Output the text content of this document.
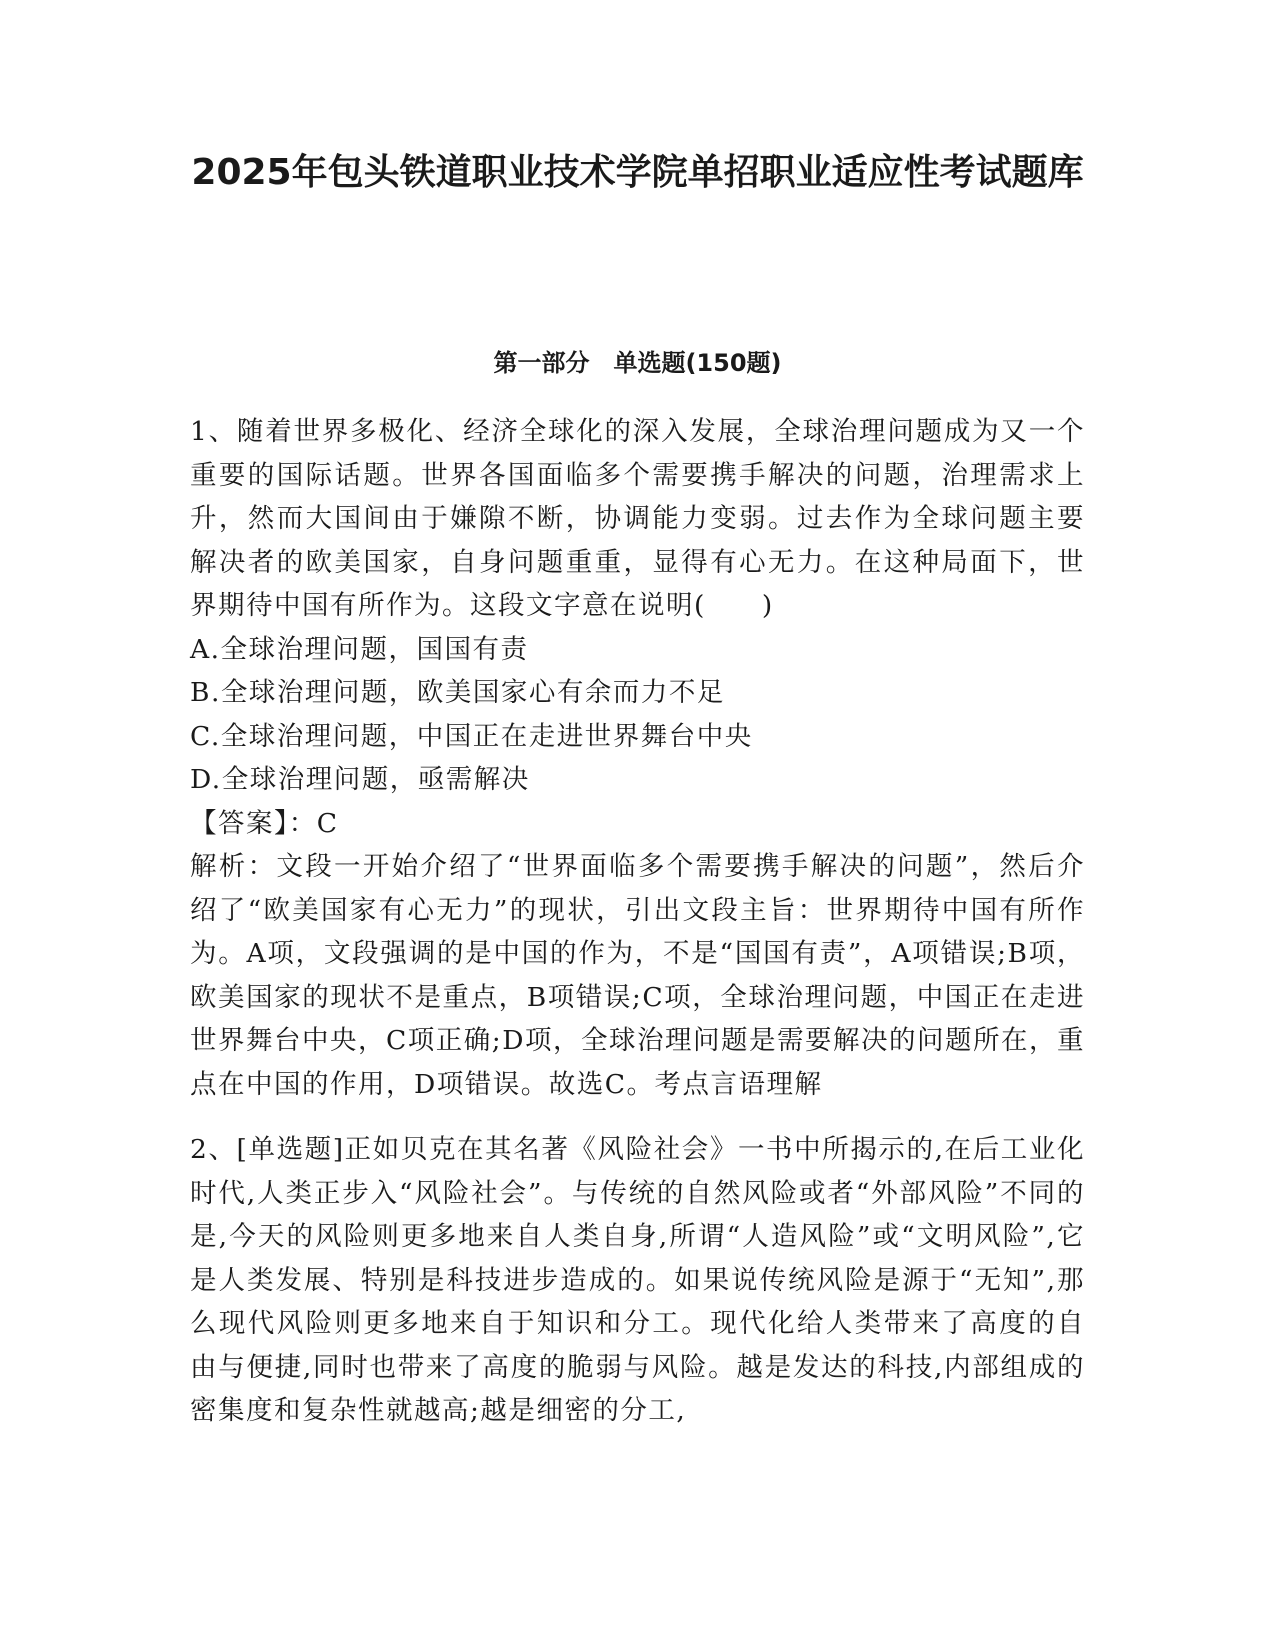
2025年包头铁道职业技术学院单招职业适应性考试题库
第一部分　单选题(150题)

1、随着世界多极化、经济全球化的深入发展，全球治理问题成为又一个重要的国际话题。世界各国面临多个需要携手解决的问题，治理需求上升，然而大国间由于嫌隙不断，协调能力变弱。过去作为全球问题主要解决者的欧美国家，自身问题重重，显得有心无力。在这种局面下，世界期待中国有所作为。这段文字意在说明(　　)

A.全球治理问题，国国有责

B.全球治理问题，欧美国家心有余而力不足

C.全球治理问题，中国正在走进世界舞台中央

D.全球治理问题，亟需解决

【答案】：C

解析：文段一开始介绍了“世界面临多个需要携手解决的问题”，然后介绍了“欧美国家有心无力”的现状，引出文段主旨：世界期待中国有所作为。A项，文段强调的是中国的作为，不是“国国有责”，A项错误;B项，欧美国家的现状不是重点，B项错误;C项，全球治理问题，中国正在走进世界舞台中央，C项正确;D项，全球治理问题是需要解决的问题所在，重点在中国的作用，D项错误。故选C。考点言语理解

2、[单选题]正如贝克在其名著《风险社会》一书中所揭示的,在后工业化时代,人类正步入“风险社会”。与传统的自然风险或者“外部风险”不同的是,今天的风险则更多地来自人类自身,所谓“人造风险”或“文明风险”,它是人类发展、特别是科技进步造成的。如果说传统风险是源于“无知”,那么现代风险则更多地来自于知识和分工。现代化给人类带来了高度的自由与便捷,同时也带来了高度的脆弱与风险。越是发达的科技,内部组成的密集度和复杂性就越高;越是细密的分工,
